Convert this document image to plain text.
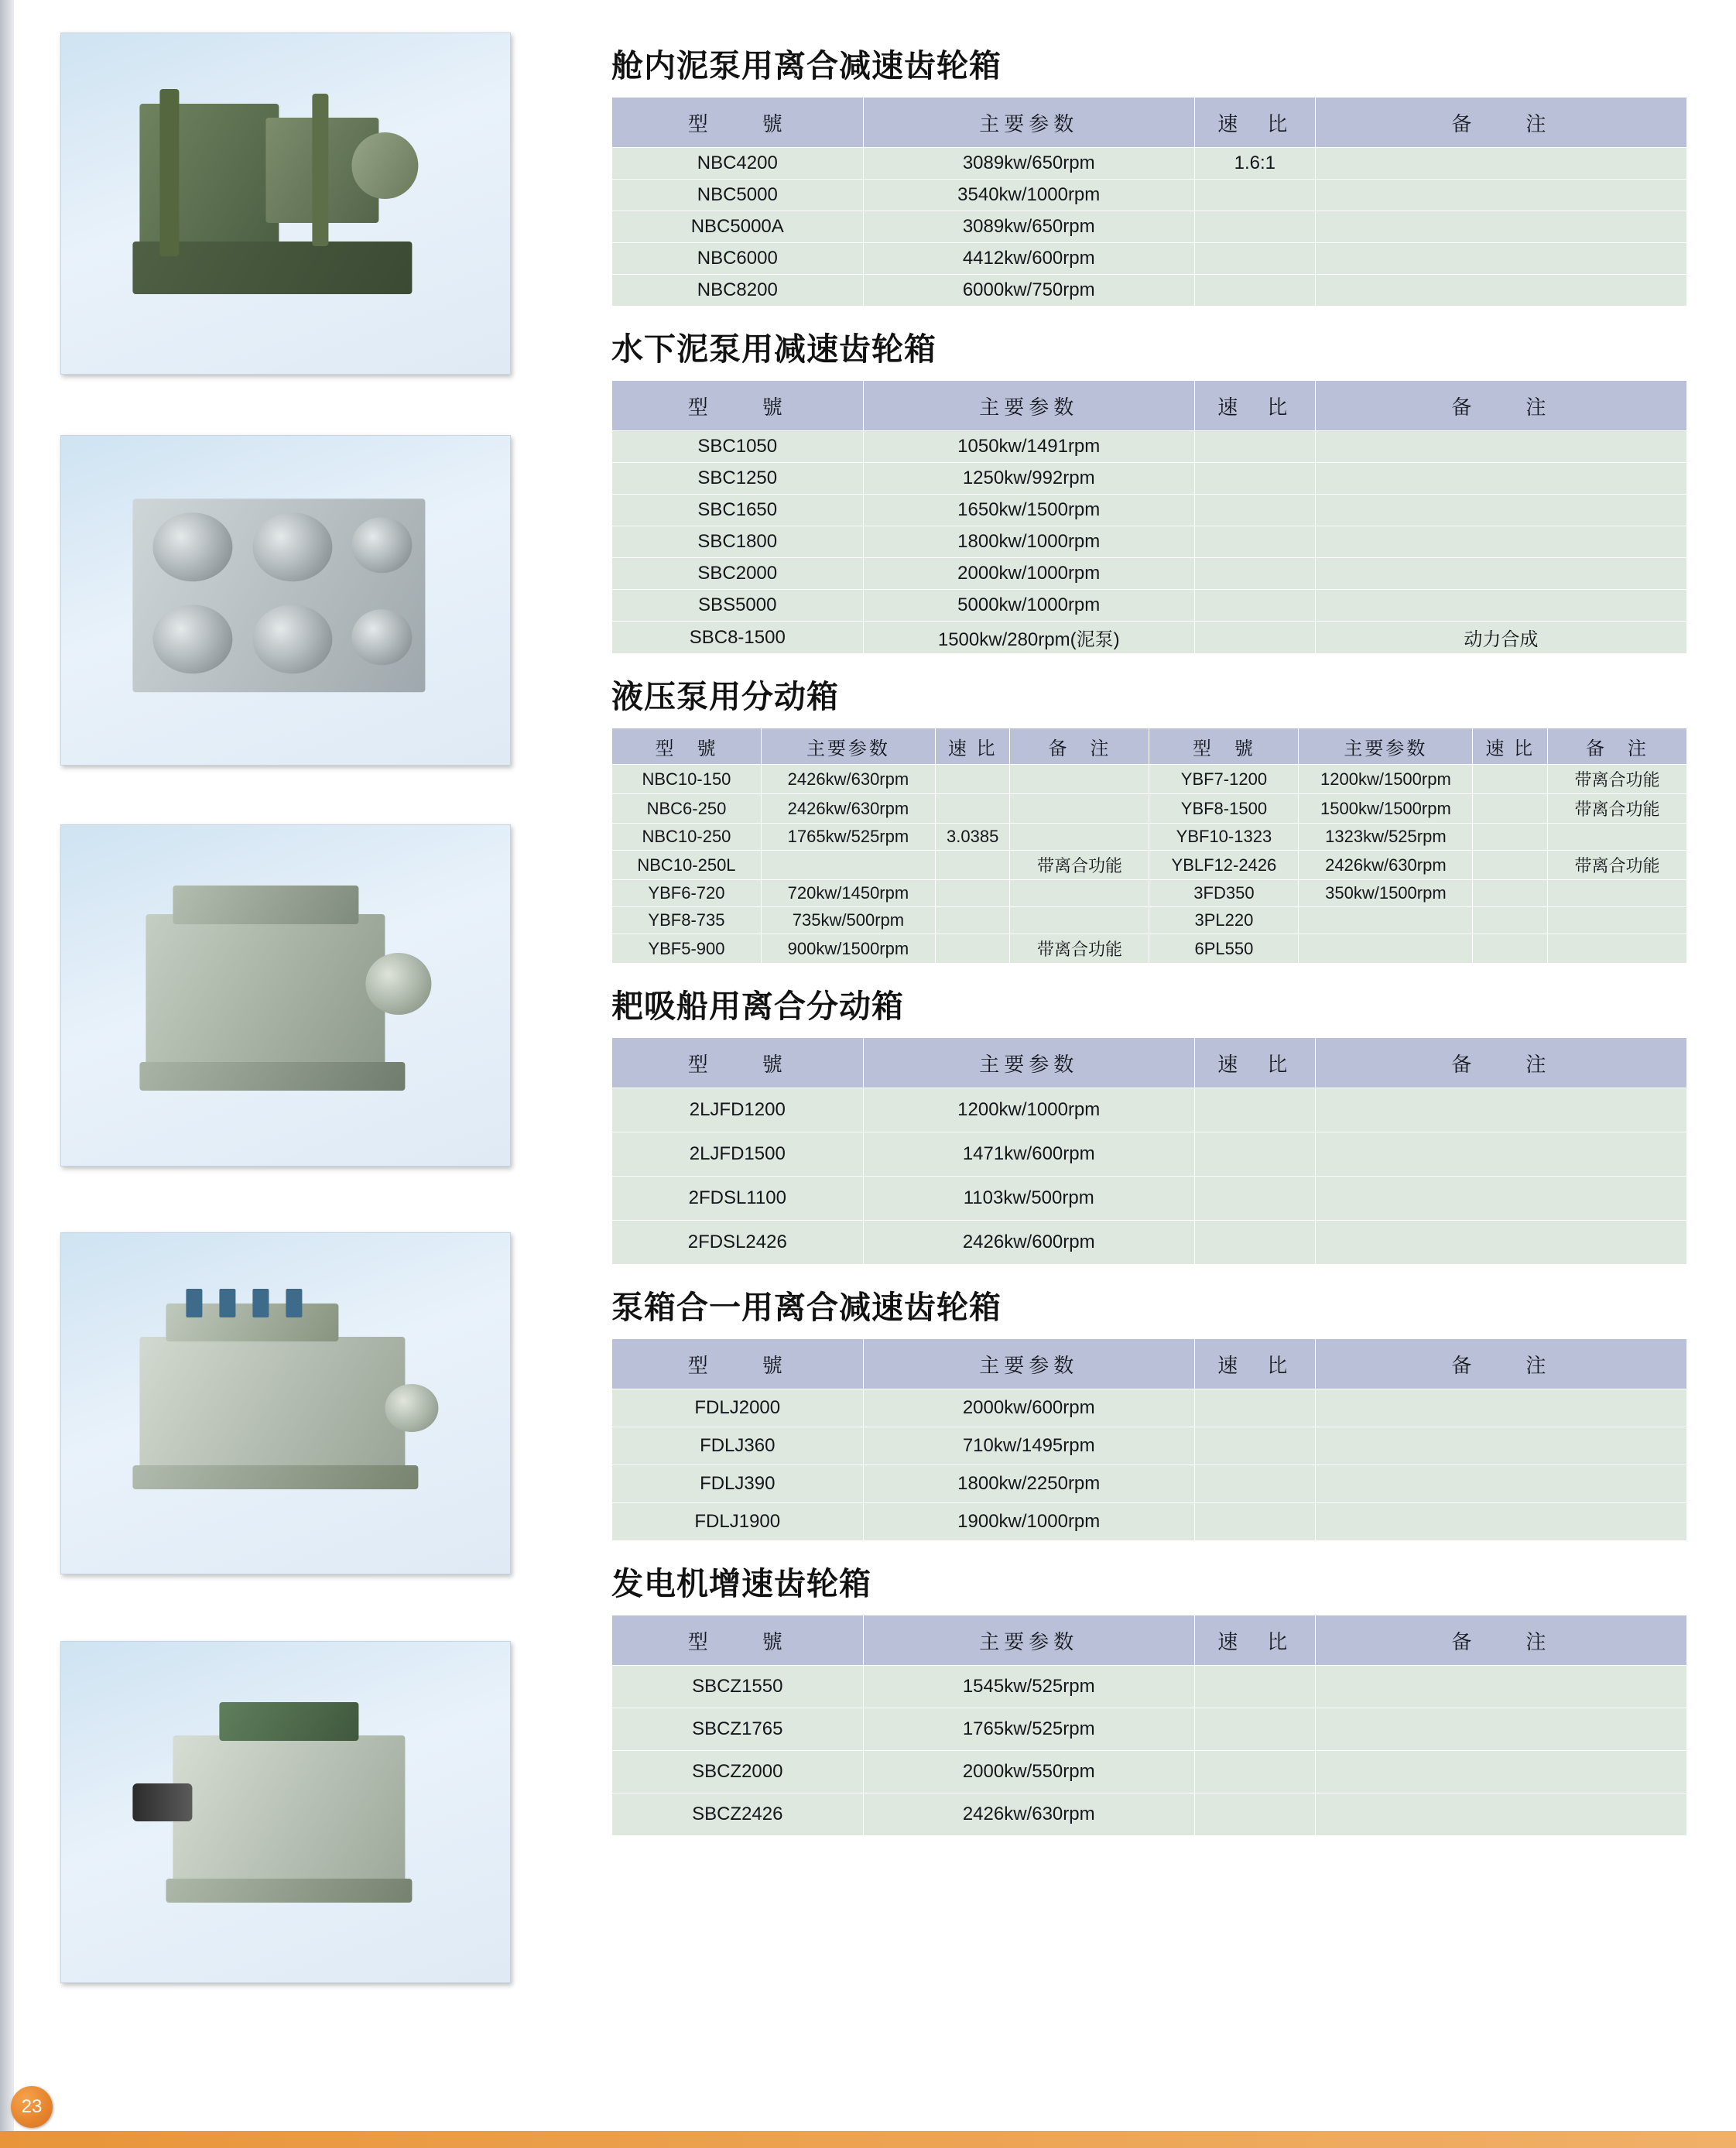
舱内泥泵用离合减速齿轮箱
型　　號	主要参数	速　比	备　　注
NBC4200	3089kw/650rpm	1.6:1	
NBC5000	3540kw/1000rpm		
NBC5000A	3089kw/650rpm		
NBC6000	4412kw/600rpm		
NBC8200	6000kw/750rpm		
水下泥泵用减速齿轮箱
型　　號	主要参数	速　比	备　　注
SBC1050	1050kw/1491rpm		
SBC1250	1250kw/992rpm		
SBC1650	1650kw/1500rpm		
SBC1800	1800kw/1000rpm		
SBC2000	2000kw/1000rpm		
SBS5000	5000kw/1000rpm		
SBC8-1500	1500kw/280rpm(泥泵)		动力合成
液压泵用分动箱
型　號	主要参数	速 比	备　注	型　號	主要参数	速 比	备　注
NBC10-150	2426kw/630rpm			YBF7-1200	1200kw/1500rpm		带离合功能
NBC6-250	2426kw/630rpm			YBF8-1500	1500kw/1500rpm		带离合功能
NBC10-250	1765kw/525rpm	3.0385		YBF10-1323	1323kw/525rpm		
NBC10-250L			带离合功能	YBLF12-2426	2426kw/630rpm		带离合功能
YBF6-720	720kw/1450rpm			3FD350	350kw/1500rpm		
YBF8-735	735kw/500rpm			3PL220			
YBF5-900	900kw/1500rpm		带离合功能	6PL550			
耙吸船用离合分动箱
型　　號	主要参数	速　比	备　　注
2LJFD1200	1200kw/1000rpm		
2LJFD1500	1471kw/600rpm		
2FDSL1100	1103kw/500rpm		
2FDSL2426	2426kw/600rpm		
泵箱合一用离合减速齿轮箱
型　　號	主要参数	速　比	备　　注
FDLJ2000	2000kw/600rpm		
FDLJ360	710kw/1495rpm		
FDLJ390	1800kw/2250rpm		
FDLJ1900	1900kw/1000rpm		
发电机增速齿轮箱
型　　號	主要参数	速　比	备　　注
SBCZ1550	1545kw/525rpm		
SBCZ1765	1765kw/525rpm		
SBCZ2000	2000kw/550rpm		
SBCZ2426	2426kw/630rpm		
23
